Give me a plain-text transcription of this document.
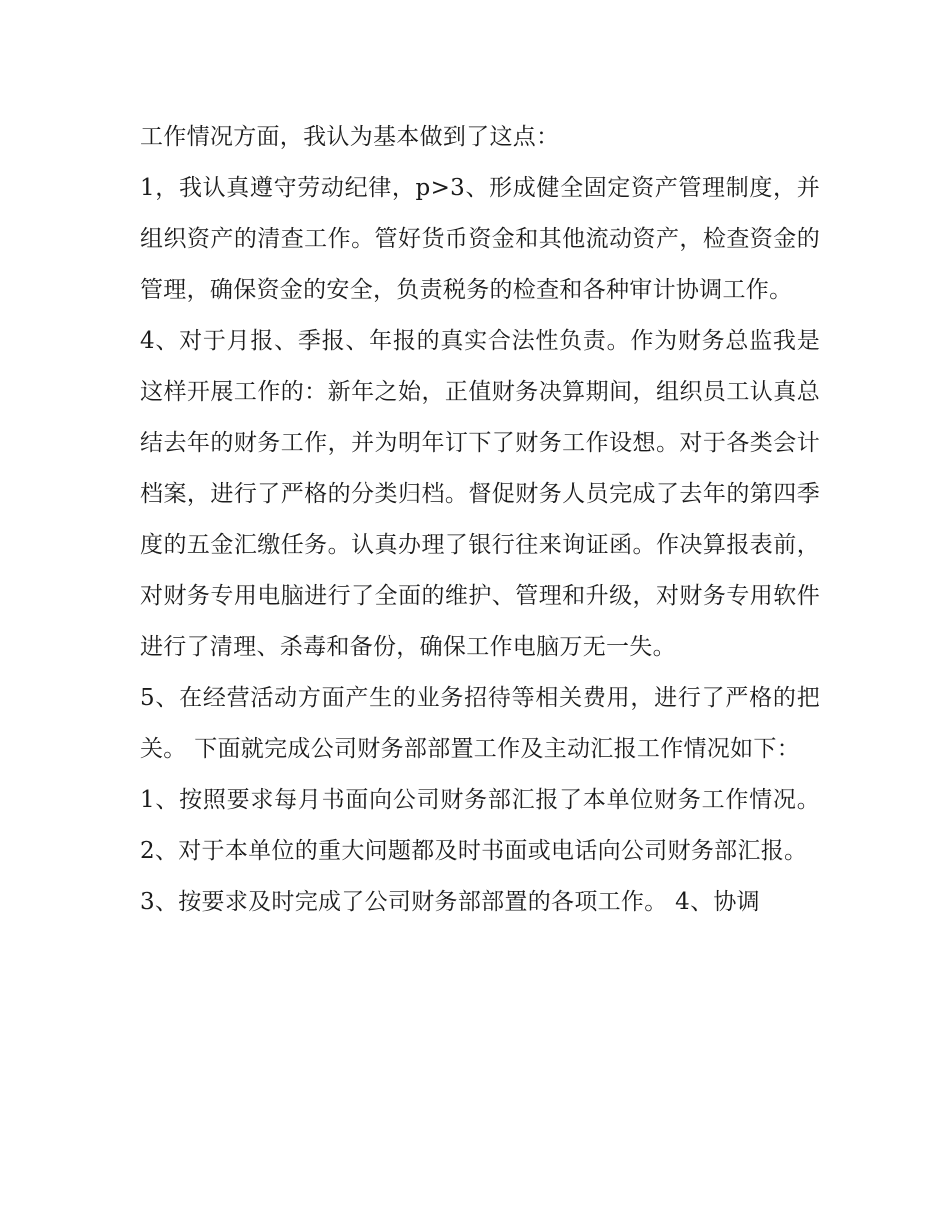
工作情况方面，我认为基本做到了这点：

1，我认真遵守劳动纪律，p>3、形成健全固定资产管理制度，并组织资产的清查工作。管好货币资金和其他流动资产，检查资金的管理，确保资金的安全，负责税务的检查和各种审计协调工作。

4、对于月报、季报、年报的真实合法性负责。作为财务总监我是这样开展工作的：新年之始，正值财务决算期间，组织员工认真总结去年的财务工作，并为明年订下了财务工作设想。对于各类会计档案，进行了严格的分类归档。督促财务人员完成了去年的第四季度的五金汇缴任务。认真办理了银行往来询证函。作决算报表前，对财务专用电脑进行了全面的维护、管理和升级，对财务专用软件进行了清理、杀毒和备份，确保工作电脑万无一失。

5、在经营活动方面产生的业务招待等相关费用，进行了严格的把关。 下面就完成公司财务部部置工作及主动汇报工作情况如下：

1、按照要求每月书面向公司财务部汇报了本单位财务工作情况。 2、对于本单位的重大问题都及时书面或电话向公司财务部汇报。

3、按要求及时完成了公司财务部部置的各项工作。 4、协调
